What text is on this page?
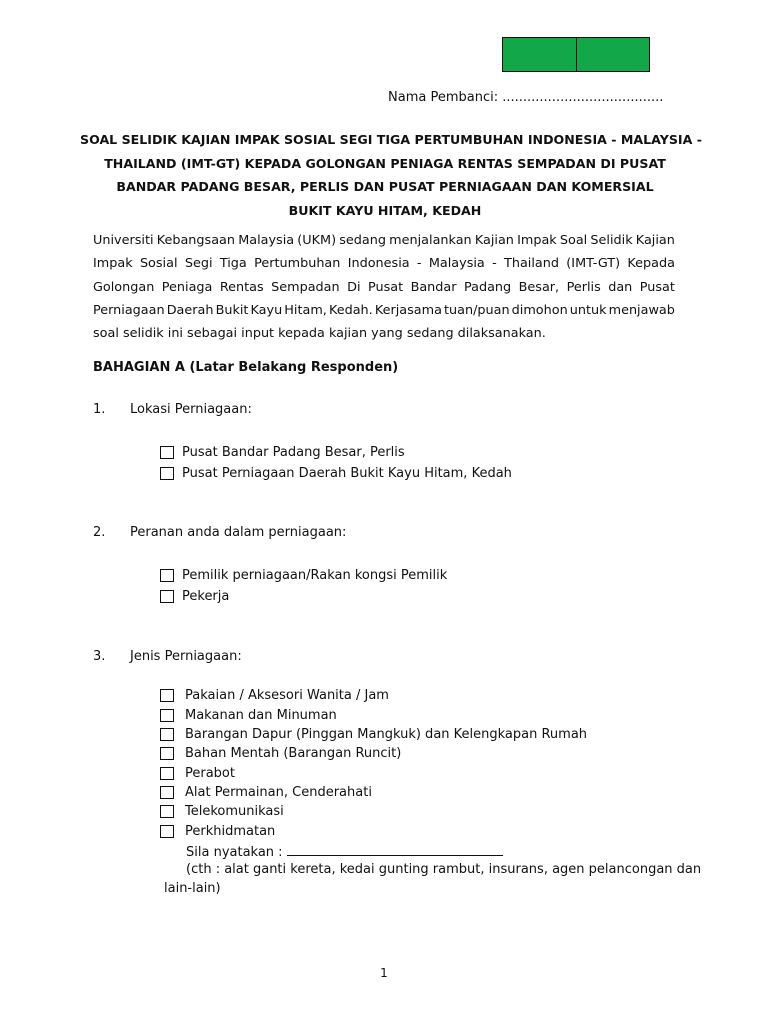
Nama Pembanci: .......................................
SOAL SELIDIK KAJIAN IMPAK SOSIAL SEGI TIGA PERTUMBUHAN INDONESIA - MALAYSIA -
THAILAND (IMT-GT) KEPADA GOLONGAN PENIAGA RENTAS SEMPADAN DI PUSAT
BANDAR PADANG BESAR, PERLIS DAN PUSAT PERNIAGAAN DAN KOMERSIAL
BUKIT KAYU HITAM, KEDAH
Universiti Kebangsaan Malaysia (UKM) sedang menjalankan Kajian Impak Soal Selidik Kajian
Impak Sosial Segi Tiga Pertumbuhan Indonesia - Malaysia - Thailand (IMT-GT) Kepada
Golongan Peniaga Rentas Sempadan Di Pusat Bandar Padang Besar, Perlis dan Pusat
Perniagaan Daerah Bukit Kayu Hitam, Kedah. Kerjasama tuan/puan dimohon untuk menjawab
soal selidik ini sebagai input kepada kajian yang sedang dilaksanakan.
BAHAGIAN A (Latar Belakang Responden)
1. Lokasi Perniagaan:
Pusat Bandar Padang Besar, Perlis
Pusat Perniagaan Daerah Bukit Kayu Hitam, Kedah
2. Peranan anda dalam perniagaan:
Pemilik perniagaan/Rakan kongsi Pemilik
Pekerja
3. Jenis Perniagaan:
Pakaian / Aksesori Wanita / Jam
Makanan dan Minuman
Barangan Dapur (Pinggan Mangkuk) dan Kelengkapan Rumah
Bahan Mentah (Barangan Runcit)
Perabot
Alat Permainan, Cenderahati
Telekomunikasi
Perkhidmatan
Sila nyatakan :
(cth : alat ganti kereta, kedai gunting rambut, insurans, agen pelancongan dan
lain-lain)
1
